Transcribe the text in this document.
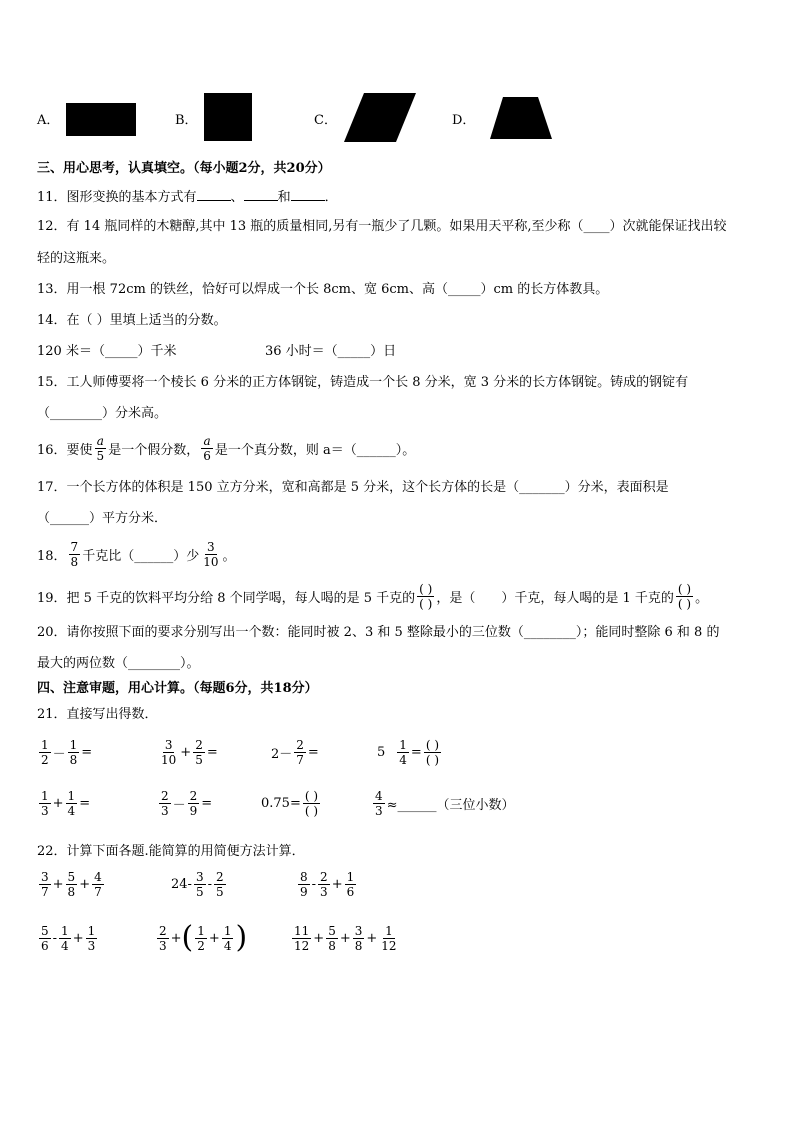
A．	B．	C．	D．
三、用心思考，认真填空。（每小题2分，共20分）
11．图形变换的基本方式有	、	和	．
12．有 14 瓶同样的木糖醇,其中 13 瓶的质量相同,另有一瓶少了几颗。如果用天平称,至少称（____）次就能保证找出较
轻的这瓶来。
13．用一根 72cm 的铁丝，恰好可以焊成一个长 8cm、宽 6cm、高（_____）cm 的长方体教具。
14．在（ ）里填上适当的分数。
120 米＝（_____）千米	36 小时＝（_____）日
15．工人师傅要将一个棱长 6 分米的正方体钢锭，铸造成一个长 8 分米，宽 3 分米的长方体钢锭。铸成的钢锭有
（________）分米高。
16．要使 $\frac{a}{5}$ 是一个假分数， $\frac{a}{6}$ 是一个真分数，则 a＝（______）。
17．一个长方体的体积是 150 立方分米，宽和高都是 5 分米，这个长方体的长是（_______）分米，表面积是
（______）平方分米．
18． $\frac{7}{8}$ 千克比（______）少 $\frac{3}{10}$ 。
19．把 5 千克的饮料平均分给 8 个同学喝，每人喝的是 5 千克的 $\frac{( )}{( )}$ ，是（　　）千克，每人喝的是 1 千克的 $\frac{( )}{( )}$ 。
20．请你按照下面的要求分别写出一个数：能同时被 2、3 和 5 整除最小的三位数（________）；能同时整除 6 和 8 的
最大的两位数（________）。
四、注意审题，用心计算。（每题6分，共18分）
21．直接写出得数．
$\frac{1}{2} - \frac{1}{8}$ =	$\frac{3}{10} + \frac{2}{5}$ =	$2- \frac{2}{7}$ =	$5 \frac{1}{4} = \frac{( )}{( )}$
$\frac{1}{3} + \frac{1}{4}$ =	$\frac{2}{3} - \frac{2}{9}$ =	$0.75= \frac{( )}{( )}$	$\frac{4}{3}$ ≈______（三位小数）
22．计算下面各题.能简算的用简便方法计算．
$\frac{3}{7} + \frac{5}{8} + \frac{4}{7}$	$24- \frac{3}{5} - \frac{2}{5}$	$\frac{8}{9} - \frac{2}{3} + \frac{1}{6}$
$\frac{5}{6} - \frac{1}{4} + \frac{1}{3}$	$\frac{2}{3}$ + ( $\frac{1}{2} + \frac{1}{4}$ )	$\frac{11}{12} + \frac{5}{8} + \frac{3}{8} + \frac{1}{12}$
